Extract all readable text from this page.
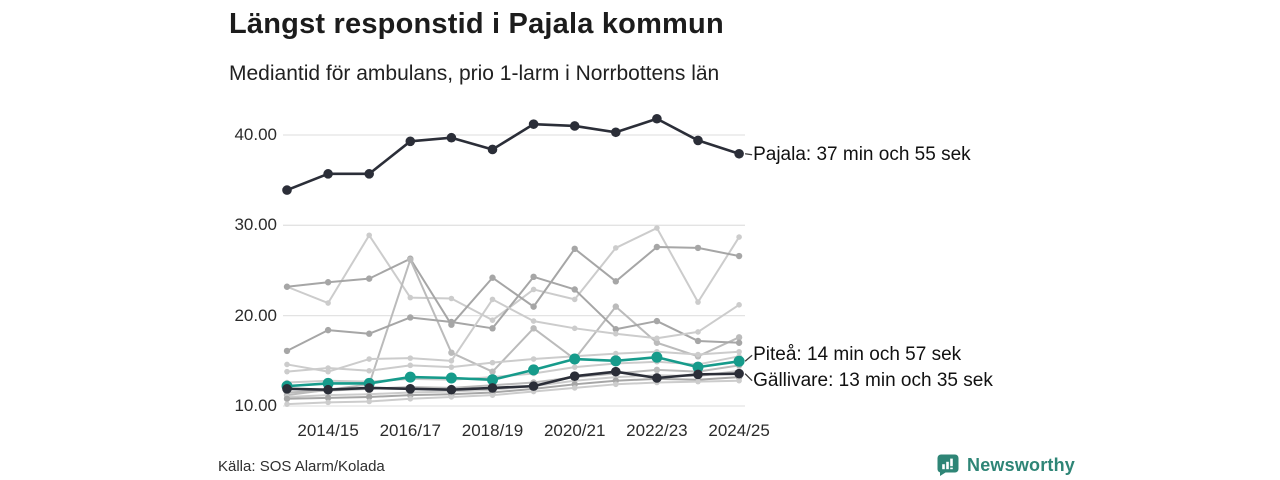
Längst responstid i Pajala kommun
Mediantid för ambulans, prio 1-larm i Norrbottens län
40.00
30.00
20.00
10.00
2014/15	2016/17	2018/19	2020/21	2022/23	2024/25
Piteå: 14 min och 57 sek
Gällivare: 13 min och 35 sek
Pajala: 37 min och 55 sek
Källa: SOS Alarm/Kolada	Newsworthy
